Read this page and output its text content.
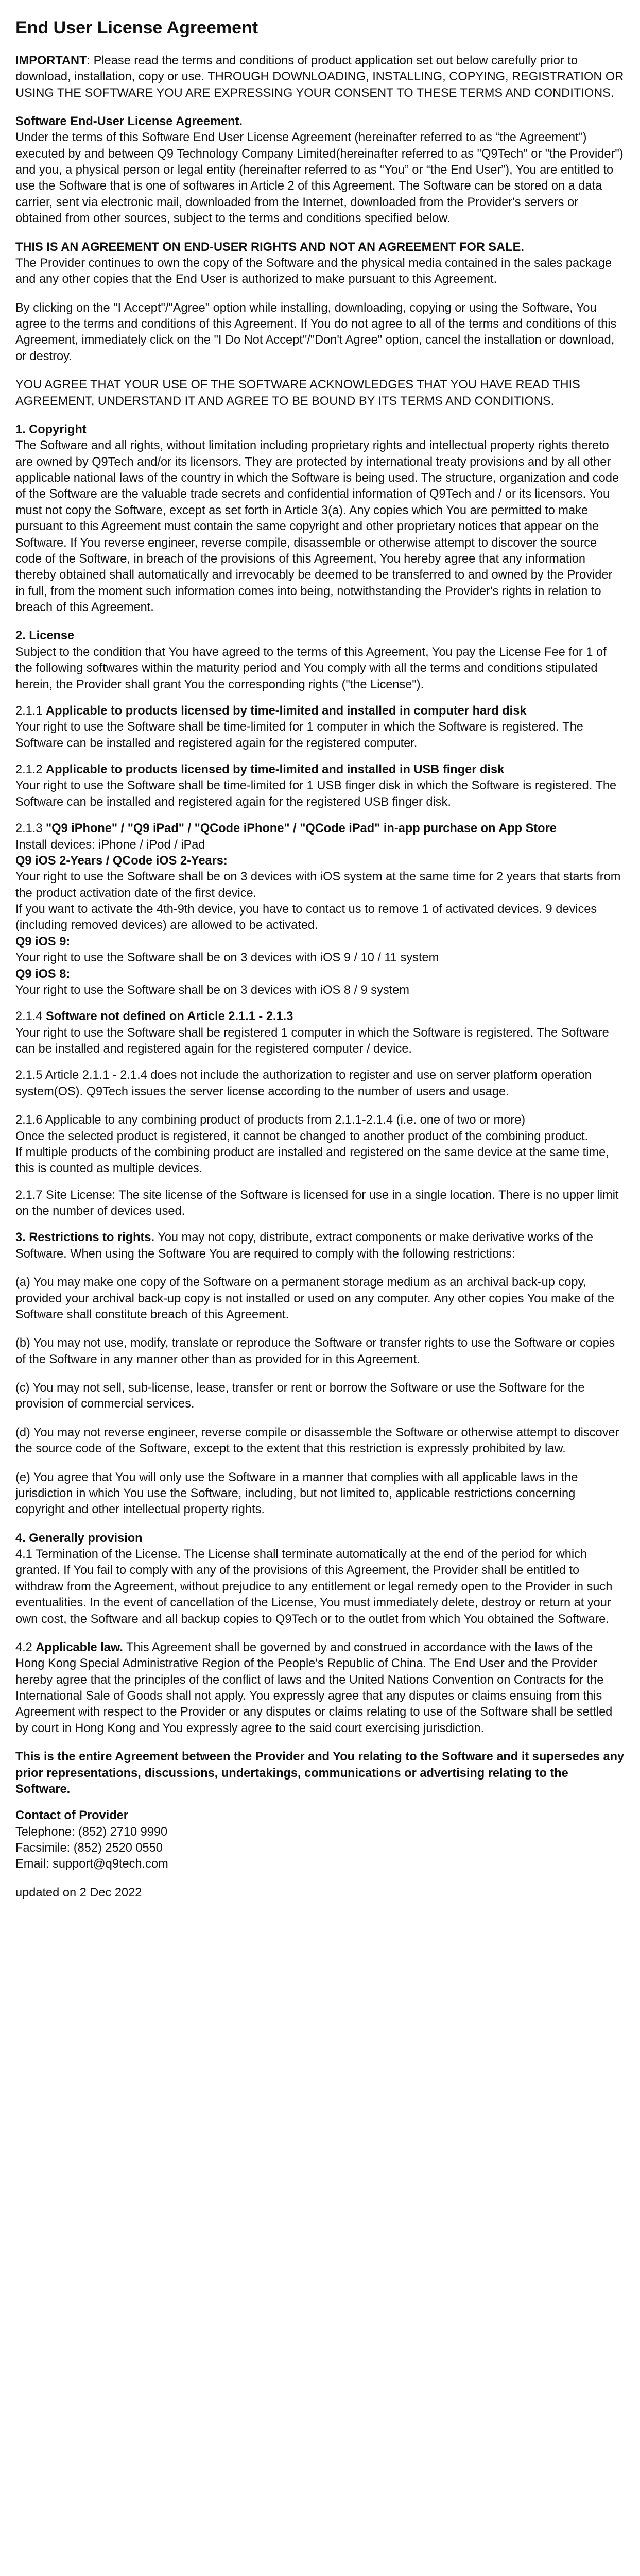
End User License Agreement

IMPORTANT: Please read the terms and conditions of product application set out below carefully prior to download, installation, copy or use. THROUGH DOWNLOADING, INSTALLING, COPYING, REGISTRATION OR USING THE SOFTWARE YOU ARE EXPRESSING YOUR CONSENT TO THESE TERMS AND CONDITIONS.

Software End-User License Agreement.

Under the terms of this Software End User License Agreement (hereinafter referred to as “the Agreement”) executed by and between Q9 Technology Company Limited(hereinafter referred to as "Q9Tech" or "the Provider") and you, a physical person or legal entity (hereinafter referred to as “You” or “the End User”), You are entitled to use the Software that is one of softwares in Article 2 of this Agreement. The Software can be stored on a data carrier, sent via electronic mail, downloaded from the Internet, downloaded from the Provider's servers or obtained from other sources, subject to the terms and conditions specified below.

THIS IS AN AGREEMENT ON END-USER RIGHTS AND NOT AN AGREEMENT FOR SALE.

The Provider continues to own the copy of the Software and the physical media contained in the sales package and any other copies that the End User is authorized to make pursuant to this Agreement.

By clicking on the "I Accept"/"Agree" option while installing, downloading, copying or using the Software, You agree to the terms and conditions of this Agreement. If You do not agree to all of the terms and conditions of this Agreement, immediately click on the "I Do Not Accept"/"Don't Agree" option, cancel the installation or download, or destroy.

YOU AGREE THAT YOUR USE OF THE SOFTWARE ACKNOWLEDGES THAT YOU HAVE READ THIS AGREEMENT, UNDERSTAND IT AND AGREE TO BE BOUND BY ITS TERMS AND CONDITIONS.

1. Copyright

The Software and all rights, without limitation including proprietary rights and intellectual property rights thereto are owned by Q9Tech and/or its licensors. They are protected by international treaty provisions and by all other applicable national laws of the country in which the Software is being used. The structure, organization and code of the Software are the valuable trade secrets and confidential information of Q9Tech and / or its licensors. You must not copy the Software, except as set forth in Article 3(a). Any copies which You are permitted to make pursuant to this Agreement must contain the same copyright and other proprietary notices that appear on the Software. If You reverse engineer, reverse compile, disassemble or otherwise attempt to discover the source code of the Software, in breach of the provisions of this Agreement, You hereby agree that any information thereby obtained shall automatically and irrevocably be deemed to be transferred to and owned by the Provider in full, from the moment such information comes into being, notwithstanding the Provider's rights in relation to breach of this Agreement.

2. License

Subject to the condition that You have agreed to the terms of this Agreement, You pay the License Fee for 1 of the following softwares within the maturity period and You comply with all the terms and conditions stipulated herein, the Provider shall grant You the corresponding rights ("the License").

2.1.1 Applicable to products licensed by time-limited and installed in computer hard disk

Your right to use the Software shall be time-limited for 1 computer in which the Software is registered. The Software can be installed and registered again for the registered computer.

2.1.2 Applicable to products licensed by time-limited and installed in USB finger disk

Your right to use the Software shall be time-limited for 1 USB finger disk in which the Software is registered. The Software can be installed and registered again for the registered USB finger disk.

2.1.3 "Q9 iPhone" / "Q9 iPad" / "QCode iPhone" / "QCode iPad" in-app purchase on App Store

Install devices: iPhone / iPod / iPad

Q9 iOS 2-Years / QCode iOS 2-Years:

Your right to use the Software shall be on 3 devices with iOS system at the same time for 2 years that starts from the product activation date of the first device.

If you want to activate the 4th-9th device, you have to contact us to remove 1 of activated devices. 9 devices (including removed devices) are allowed to be activated.

Q9 iOS 9:

Your right to use the Software shall be on 3 devices with iOS 9 / 10 / 11 system

Q9 iOS 8:

Your right to use the Software shall be on 3 devices with iOS 8 / 9 system

2.1.4 Software not defined on Article 2.1.1 - 2.1.3

Your right to use the Software shall be registered 1 computer in which the Software is registered. The Software can be installed and registered again for the registered computer / device.

2.1.5 Article 2.1.1 - 2.1.4 does not include the authorization to register and use on server platform operation system(OS). Q9Tech issues the server license according to the number of users and usage.

2.1.6 Applicable to any combining product of products from 2.1.1-2.1.4 (i.e. one of two or more)

Once the selected product is registered, it cannot be changed to another product of the combining product.

If multiple products of the combining product are installed and registered on the same device at the same time, this is counted as multiple devices.

2.1.7 Site License: The site license of the Software is licensed for use in a single location. There is no upper limit on the number of devices used.

3. Restrictions to rights. You may not copy, distribute, extract components or make derivative works of the Software. When using the Software You are required to comply with the following restrictions:

(a) You may make one copy of the Software on a permanent storage medium as an archival back-up copy, provided your archival back-up copy is not installed or used on any computer. Any other copies You make of the Software shall constitute breach of this Agreement.

(b) You may not use, modify, translate or reproduce the Software or transfer rights to use the Software or copies of the Software in any manner other than as provided for in this Agreement.

(c) You may not sell, sub-license, lease, transfer or rent or borrow the Software or use the Software for the provision of commercial services.

(d) You may not reverse engineer, reverse compile or disassemble the Software or otherwise attempt to discover the source code of the Software, except to the extent that this restriction is expressly prohibited by law.

(e) You agree that You will only use the Software in a manner that complies with all applicable laws in the jurisdiction in which You use the Software, including, but not limited to, applicable restrictions concerning copyright and other intellectual property rights.

4. Generally provision

4.1 Termination of the License. The License shall terminate automatically at the end of the period for which granted. If You fail to comply with any of the provisions of this Agreement, the Provider shall be entitled to withdraw from the Agreement, without prejudice to any entitlement or legal remedy open to the Provider in such eventualities. In the event of cancellation of the License, You must immediately delete, destroy or return at your own cost, the Software and all backup copies to Q9Tech or to the outlet from which You obtained the Software.

4.2 Applicable law. This Agreement shall be governed by and construed in accordance with the laws of the Hong Kong Special Administrative Region of the People's Republic of China. The End User and the Provider hereby agree that the principles of the conflict of laws and the United Nations Convention on Contracts for the International Sale of Goods shall not apply. You expressly agree that any disputes or claims ensuing from this Agreement with respect to the Provider or any disputes or claims relating to use of the Software shall be settled by court in Hong Kong and You expressly agree to the said court exercising jurisdiction.

This is the entire Agreement between the Provider and You relating to the Software and it supersedes any prior representations, discussions, undertakings, communications or advertising relating to the Software.

Contact of Provider

Telephone: (852) 2710 9990

Facsimile: (852) 2520 0550

Email: support@q9tech.com

updated on 2 Dec 2022
